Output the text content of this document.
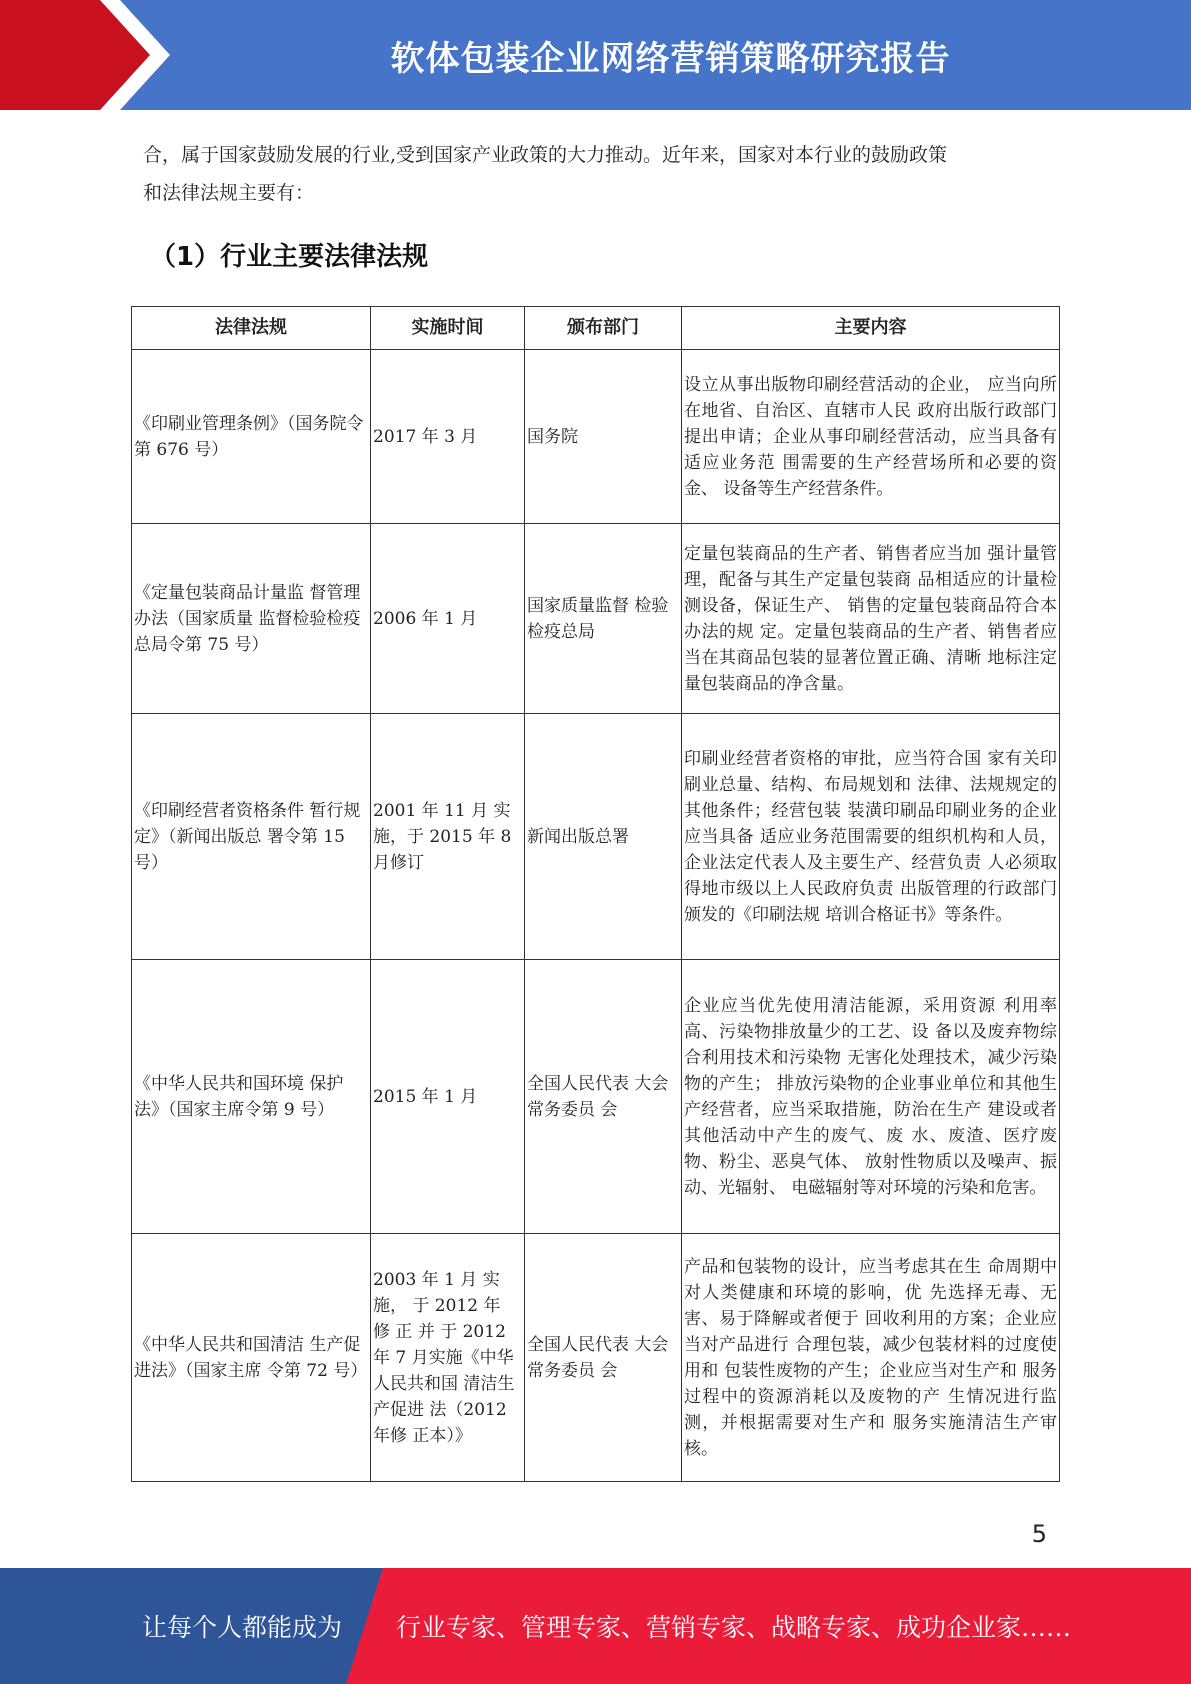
软体包装企业网络营销策略研究报告
合，属于国家鼓励发展的行业,受到国家产业政策的大力推动。近年来，国家对本行业的鼓励政策
和法律法规主要有：
（1）行业主要法律法规
法律法规	实施时间	颁布部门	主要内容
《印刷业管理条例》（国务院令第 676 号）	2017 年 3 月	国务院	设立从事出版物印刷经营活动的企业， 应当向所在地省、自治区、直辖市人民 政府出版行政部门提出申请；企业从事印刷经营活动，应当具备有适应业务范 围需要的生产经营场所和必要的资金、 设备等生产经营条件。
《定量包装商品计量监 督管理办法（国家质量 监督检验检疫总局令第 75 号）	2006 年 1 月	国家质量监督 检验检疫总局	定量包装商品的生产者、销售者应当加 强计量管理，配备与其生产定量包装商 品相适应的计量检测设备，保证生产、 销售的定量包装商品符合本办法的规 定。定量包装商品的生产者、销售者应 当在其商品包装的显著位置正确、清晰 地标注定量包装商品的净含量。
《印刷经营者资格条件 暂行规定》（新闻出版总 署令第 15 号）	2001 年 11 月 实施，于 2015 年 8 月修订	新闻出版总署	印刷业经营者资格的审批，应当符合国 家有关印刷业总量、结构、布局规划和 法律、法规规定的其他条件；经营包装 装潢印刷品印刷业务的企业应当具备 适应业务范围需要的组织机构和人员， 企业法定代表人及主要生产、经营负责 人必须取得地市级以上人民政府负责 出版管理的行政部门颁发的《印刷法规 培训合格证书》等条件。
《中华人民共和国环境 保护法》（国家主席令第 9 号）	2015 年 1 月	全国人民代表 大会常务委员 会	企业应当优先使用清洁能源，采用资源 利用率高、污染物排放量少的工艺、设 备以及废弃物综合利用技术和污染物 无害化处理技术，减少污染物的产生； 排放污染物的企业事业单位和其他生 产经营者，应当采取措施，防治在生产 建设或者其他活动中产生的废气、废 水、废渣、医疗废物、粉尘、恶臭气体、 放射性物质以及噪声、振动、光辐射、 电磁辐射等对环境的污染和危害。
《中华人民共和国清洁 生产促进法》（国家主席 令第 72 号）	2003 年 1 月 实施， 于 2012 年 修 正 并 于 2012 年 7 月实施《中华人民共和国 清洁生产促进 法（2012 年修 正本）》	全国人民代表 大会常务委员 会	产品和包装物的设计，应当考虑其在生 命周期中对人类健康和环境的影响，优 先选择无毒、无害、易于降解或者便于 回收利用的方案；企业应当对产品进行 合理包装，减少包装材料的过度使用和 包装性废物的产生；企业应当对生产和 服务过程中的资源消耗以及废物的产 生情况进行监测，并根据需要对生产和 服务实施清洁生产审核。
5
让每个人都能成为 行业专家、管理专家、营销专家、战略专家、成功企业家……
